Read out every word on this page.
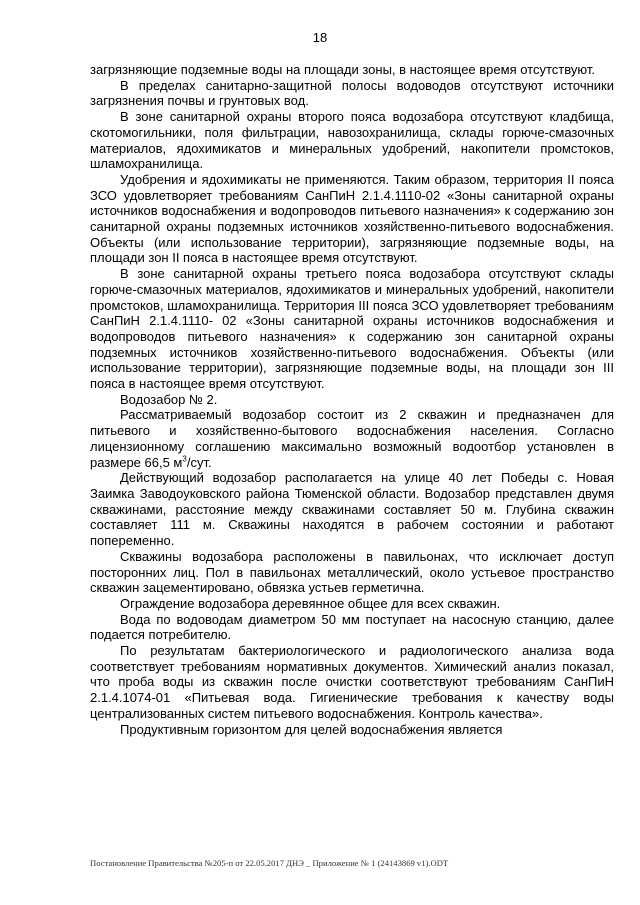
18

загрязняющие подземные воды на площади зоны, в настоящее время отсутствуют.

В пределах санитарно-защитной полосы водоводов отсутствуют источники загрязнения почвы и грунтовых вод.

В зоне санитарной охраны второго пояса водозабора отсутствуют кладбища, скотомогильники, поля фильтрации, навозохранилища, склады горюче-смазочных материалов, ядохимикатов и минеральных удобрений, накопители промстоков, шламохранилища.

Удобрения и ядохимикаты не применяются. Таким образом, территория II пояса ЗСО удовлетворяет требованиям СанПиН 2.1.4.1110-02 «Зоны санитарной охраны источников водоснабжения и водопроводов питьевого назначения» к содержанию зон санитарной охраны подземных источников хозяйственно-питьевого водоснабжения. Объекты (или использование территории), загрязняющие подземные воды, на площади зон II пояса в настоящее время отсутствуют.

В зоне санитарной охраны третьего пояса водозабора отсутствуют склады горюче-смазочных материалов, ядохимикатов и минеральных удобрений, накопители промстоков, шламохранилища. Территория III пояса ЗСО удовлетворяет требованиям СанПиН 2.1.4.1110- 02 «Зоны санитарной охраны источников водоснабжения и водопроводов питьевого назначения» к содержанию зон санитарной охраны подземных источников хозяйственно-питьевого водоснабжения. Объекты (или использование территории), загрязняющие подземные воды, на площади зон III пояса в настоящее время отсутствуют.

Водозабор № 2.

Рассматриваемый водозабор состоит из 2 скважин и предназначен для питьевого и хозяйственно-бытового водоснабжения населения. Согласно лицензионному соглашению максимально возможный водоотбор установлен в размере 66,5 $м^3$/сут.

Действующий водозабор располагается на улице 40 лет Победы с. Новая Заимка Заводоуковского района Тюменской области. Водозабор представлен двумя скважинами, расстояние между скважинами составляет 50 м. Глубина скважин составляет 111 м. Скважины находятся в рабочем состоянии и работают попеременно.

Скважины водозабора расположены в павильонах, что исключает доступ посторонних лиц. Пол в павильонах металлический, около устьевое пространство скважин зацементировано, обвязка устьев герметична.

Ограждение водозабора деревянное общее для всех скважин.

Вода по водоводам диаметром 50 мм поступает на насосную станцию, далее подается потребителю.

По результатам бактериологического и радиологического анализа вода соответствует требованиям нормативных документов. Химический анализ показал, что проба воды из скважин после очистки соответствуют требованиям СанПиН 2.1.4.1074-01 «Питьевая вода. Гигиенические требования к качеству воды централизованных систем питьевого водоснабжения. Контроль качества».

Продуктивным горизонтом для целей водоснабжения является

Постановление Правительства №205-п от 22.05.2017 ДНЭ _ Приложение № 1 (24143869 v1).ODT
